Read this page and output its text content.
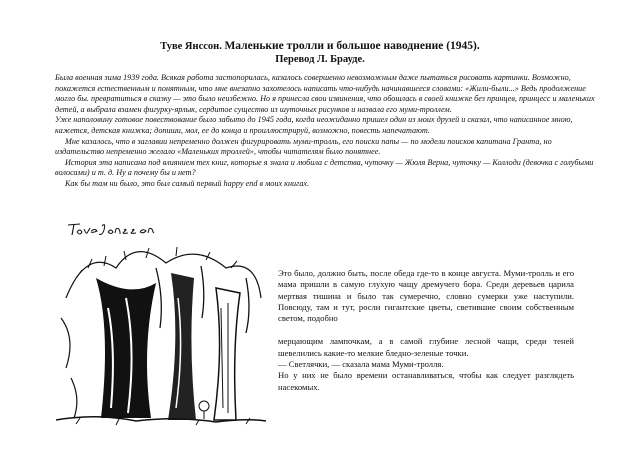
Туве Янссон. Маленькие тролли и большое наводнение (1945).
Перевод Л. Брауде.

Была военная зима 1939 года. Всякая работа застопорилась, казалось совершенно невозможным даже пытаться рисовать картинки. Возможно, покажется естественным и понятным, что мне внезапно захотелось написать что-нибудь начинавшееся словами: «Жили-были...» Ведь продолжение могло бы. превратиться в сказку — это было неизбежно. Но я принесла свои извинения, что обошлась в своей книжке без принцев, принцесс и маленьких детей, а выбрала взамен фигурку-ярлык, сердитое существо из шуточных рисунков и назвала его муми-троллем.

Уже наполовину готовое повествование было забыто до 1945 года, когда неожиданно пришел один из моих друзей и сказал, что написанное мною, кажется, детская книжка; допиши, мол, ее до конца и проиллюстрируй, возможно, повесть напечатают.

Мне казалось, что в заглавии непременно должен фигурировать муми-тролль, его поиски папы — по модели поисков капитана Гранта, но издательство непременно желало «Маленьких троллей», чтобы читателям было понятнее.

История эта написана под влиянием тех книг, которые я знала и любила с детства, чуточку — Жюля Верна, чуточку — Коллоди (девочка с голубыми волосами) и т. д. Ну а почему бы и нет?

Как бы там ни было, это был самый первый happy end в моих книгах.

Это было, должно быть, после обеда где-то в конце августа. Муми-тролль и его мама пришли в самую глухую чащу дремучего бора. Среди деревьев царила мертвая тишина и было так сумеречно, словно сумерки уже наступили. Повсюду, там и тут, росли гигантские цветы, светившие своим собственным светом, подобно

мерцающим лампочкам, а в самой глубине лесной чащи, среди теней шевелились какие-то мелкие бледно-зеленые точки.

— Светлячки, — сказала мама Муми-тролля.

Но у них не было времени останавливаться, чтобы как следует разглядеть насекомых.
